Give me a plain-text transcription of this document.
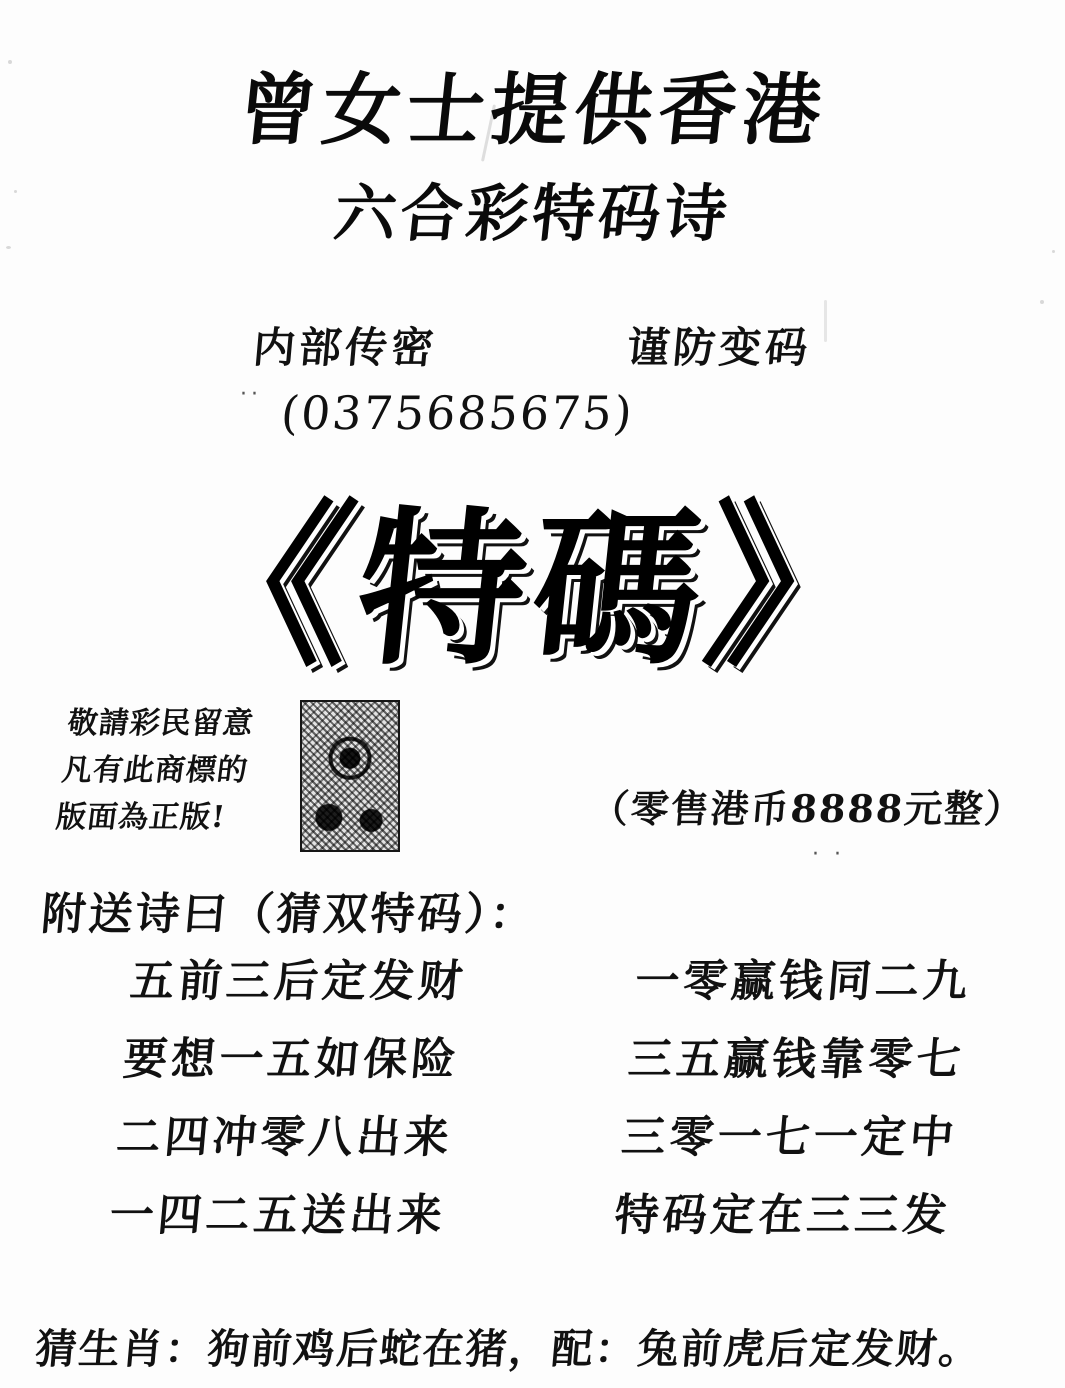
··
· ·
曾女士提供香港
六合彩特码诗
内部传密	谨防变码
(0375685675)
《特碼》
敬請彩民留意
凡有此商標的
版面為正版!	（零售港币8888元整）
附送诗曰（猜双特码）：
五前三后定发财	一零赢钱同二九
要想一五如保险	三五赢钱靠零七
二四冲零八出来	三零一七一定中
一四二五送出来	特码定在三三发
猜生肖：狗前鸡后蛇在猪，配：兔前虎后定发财。
